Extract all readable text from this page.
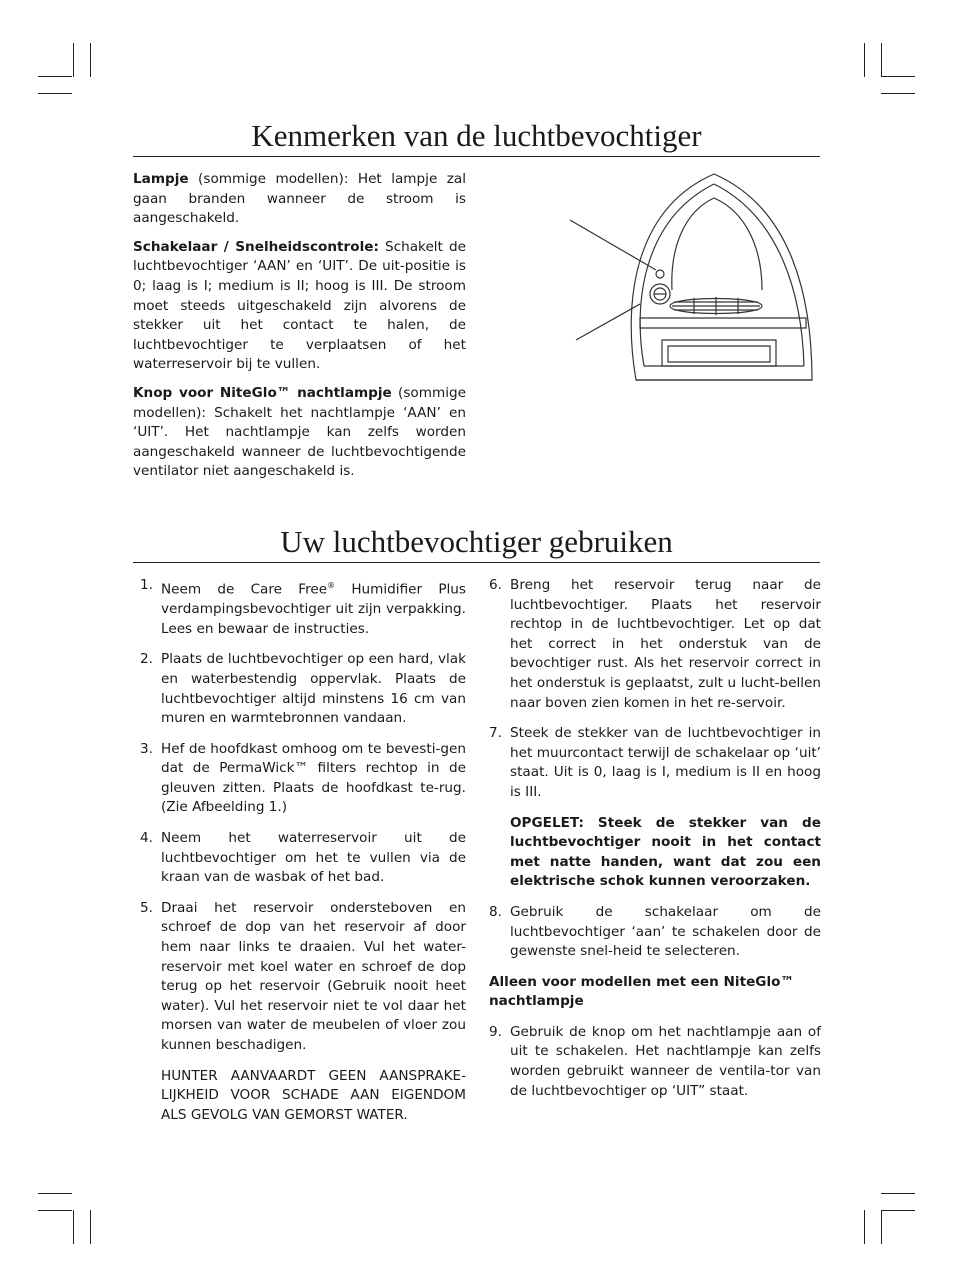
Kenmerken van de luchtbevochtiger

Lampje (sommige modellen): Het lampje zal gaan branden wanneer de stroom is aangeschakeld.

Schakelaar / Snelheidscontrole: Schakelt de luchtbevochtiger ‘AAN’ en ‘UIT’. De uit-positie is 0; laag is I; medium is II; hoog is III. De stroom moet steeds uitgeschakeld zijn alvorens de stekker uit het contact te halen, de luchtbevochtiger te verplaatsen of het waterreservoir bij te vullen.

Knop voor NiteGlo™ nachtlampje (sommige modellen): Schakelt het nachtlampje ‘AAN’ en ‘UIT’. Het nachtlampje kan zelfs worden aangeschakeld wanneer de luchtbevochtigende ventilator niet aangeschakeld is.

Uw luchtbevochtiger gebruiken
1. Neem de Care Free® Humidifier Plus verdampingsbevochtiger uit zijn verpakking. Lees en bewaar de instructies.
2. Plaats de luchtbevochtiger op een hard, vlak en waterbestendig oppervlak. Plaats de luchtbevochtiger altijd minstens 16 cm van muren en warmtebronnen vandaan.
3. Hef de hoofdkast omhoog om te bevesti-gen dat de PermaWick™ filters rechtop in de gleuven zitten. Plaats de hoofdkast te-rug. (Zie Afbeelding 1.)
4. Neem het waterreservoir uit de luchtbevochtiger om het te vullen via de kraan van de wasbak of het bad.
5. Draai het reservoir ondersteboven en schroef de dop van het reservoir af door hem naar links te draaien. Vul het water-reservoir met koel water en schroef de dop terug op het reservoir (Gebruik nooit heet water). Vul het reservoir niet te vol daar het morsen van water de meubelen of vloer zou kunnen beschadigen.
HUNTER AANVAARDT GEEN AANSPRAKE-LIJKHEID VOOR SCHADE AAN EIGENDOM ALS GEVOLG VAN GEMORST WATER.
6. Breng het reservoir terug naar de luchtbevochtiger. Plaats het reservoir rechtop in de luchtbevochtiger. Let op dat het correct in het onderstuk van de bevochtiger rust. Als het reservoir correct in het onderstuk is geplaatst, zult u lucht-bellen naar boven zien komen in het re-servoir.
7. Steek de stekker van de luchtbevochtiger in het muurcontact terwijl de schakelaar op ‘uit’ staat. Uit is 0, laag is I, medium is II en hoog is III.
OPGELET: Steek de stekker van de luchtbevochtiger nooit in het contact met natte handen, want dat zou een elektrische schok kunnen veroorzaken.
8. Gebruik de schakelaar om de luchtbevochtiger ‘aan’ te schakelen door de gewenste snel-heid te selecteren.
Alleen voor modellen met een NiteGlo™ nachtlampje
9. Gebruik de knop om het nachtlampje aan of uit te schakelen. Het nachtlampje kan zelfs worden gebruikt wanneer de ventila-tor van de luchtbevochtiger op ‘UIT” staat.
